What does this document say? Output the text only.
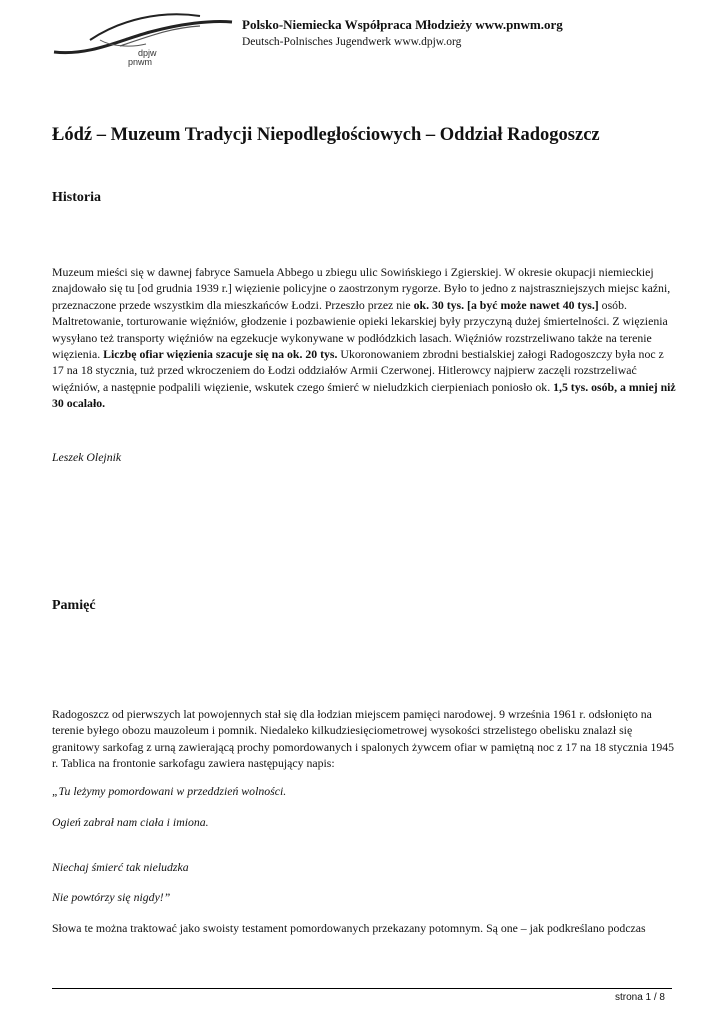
dpjw
pnwm
Polsko-Niemiecka Współpraca Młodzieży www.pnwm.org
Deutsch-Polnisches Jugendwerk www.dpjw.org
Łódź – Muzeum Tradycji Niepodległościowych – Oddział Radogoszcz
Historia

Muzeum mieści się w dawnej fabryce Samuela Abbego u zbiegu ulic Sowińskiego i Zgierskiej. W okresie okupacji niemieckiej znajdowało się tu [od grudnia 1939 r.] więzienie policyjne o zaostrzonym rygorze. Było to jedno z najstraszniejszych miejsc kaźni, przeznaczone przede wszystkim dla mieszkańców Łodzi. Przeszło przez nie ok. 30 tys. [a być może nawet 40 tys.] osób. Maltretowanie, torturowanie więźniów, głodzenie i pozbawienie opieki lekarskiej były przyczyną dużej śmiertelności. Z więzienia wysyłano też transporty więźniów na egzekucje wykonywane w podłódzkich lasach. Więźniów rozstrzeliwano także na terenie więzienia. Liczbę ofiar więzienia szacuje się na ok. 20 tys. Ukoronowaniem zbrodni bestialskiej załogi Radogoszczy była noc z 17 na 18 stycznia, tuż przed wkroczeniem do Łodzi oddziałów Armii Czerwonej. Hitlerowcy najpierw zaczęli rozstrzeliwać więźniów, a następnie podpalili więzienie, wskutek czego śmierć w nieludzkich cierpieniach poniosło ok. 1,5 tys. osób, a mniej niż 30 ocalało.

Leszek Olejnik

Pamięć

Radogoszcz od pierwszych lat powojennych stał się dla łodzian miejscem pamięci narodowej. 9 września 1961 r. odsłonięto na terenie byłego obozu mauzoleum i pomnik. Niedaleko kilkudziesięciometrowej wysokości strzelistego obelisku znalazł się granitowy sarkofag z urną zawierającą prochy pomordowanych i spalonych żywcem ofiar w pamiętną noc z 17 na 18 stycznia 1945 r. Tablica na frontonie sarkofagu zawiera następujący napis:

„Tu leżymy pomordowani w przeddzień wolności.

Ogień zabrał nam ciała i imiona.

Niechaj śmierć tak nieludzka

Nie powtórzy się nigdy!”

Słowa te można traktować jako swoisty testament pomordowanych przekazany potomnym. Są one – jak podkreślano podczas

strona 1 / 8
